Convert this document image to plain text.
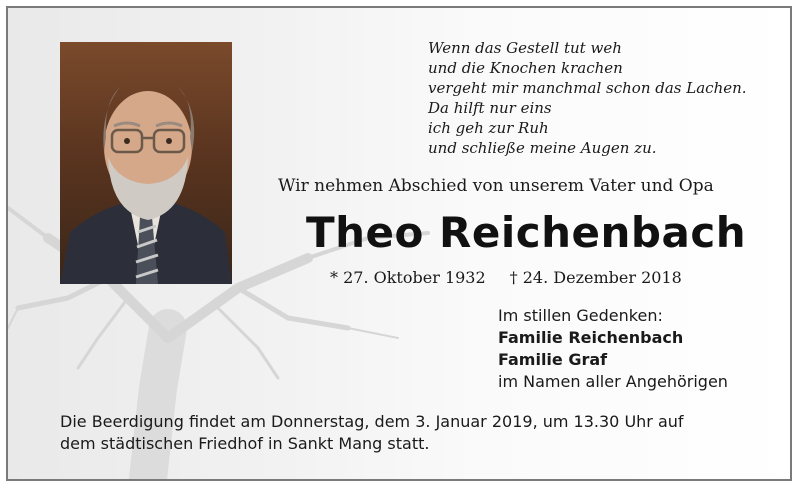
Wenn das Gestell tut weh
und die Knochen krachen
vergeht mir manchmal schon das Lachen.
Da hilft nur eins
ich geh zur Ruh
und schließe meine Augen zu.
Wir nehmen Abschied von unserem Vater und Opa
Theo Reichenbach
* 27. Oktober 1932 † 24. Dezember 2018
Im stillen Gedenken:
Familie Reichenbach
Familie Graf
im Namen aller Angehörigen
Die Beerdigung findet am Donnerstag, dem 3. Januar 2019, um 13.30 Uhr auf
dem städtischen Friedhof in Sankt Mang statt.
